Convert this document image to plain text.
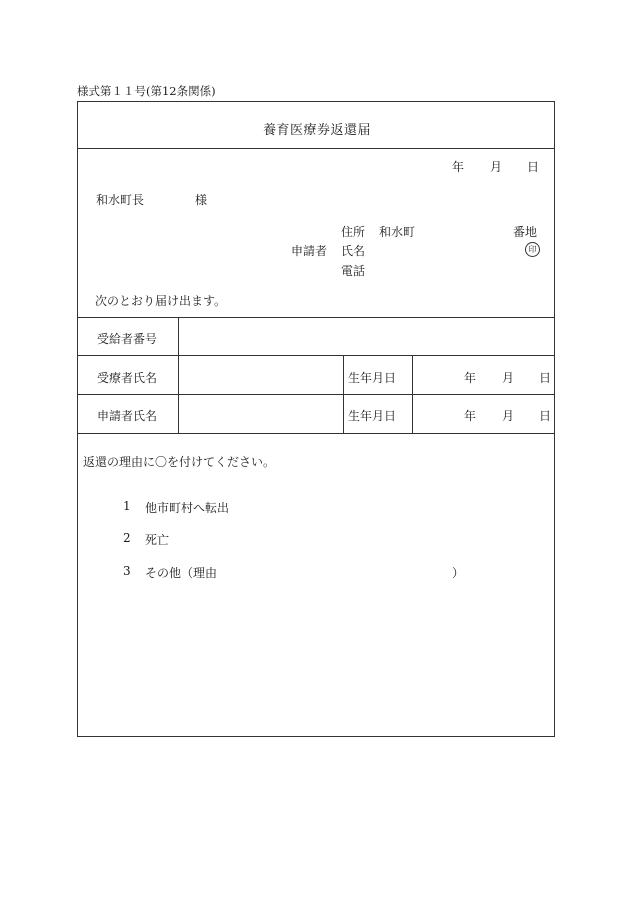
様式第１１号(第12条関係)
養育医療券返還届
年 月 日
和水町長	様
住所 和水町	番地
申請者 氏名	印
電話
次のとおり届け出ます。
受給者番号
受療者氏名	生年月日	年 月 日
申請者氏名	生年月日	年 月 日
返還の理由に〇を付けてください。
1 他市町村へ転出
2 死亡
3 その他（理由	）
